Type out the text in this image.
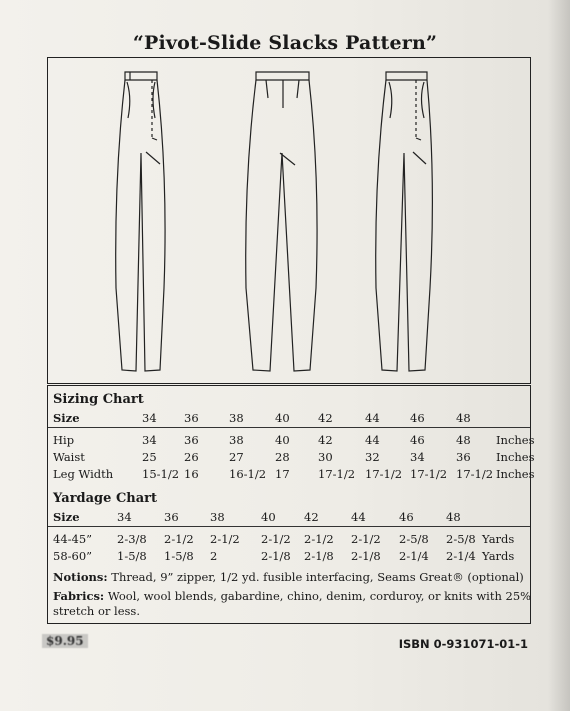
“Pivot-Slide Slacks Pattern”
Sizing Chart
Size	34 36	38	40 42	44	46	48
Hip	34 36	38	40 42	44	46	48 Inches
Waist	25 26	27	28 30	32	34	36 Inches
Leg Width	15-1/2 16	16-1/2 17 17-1/2 17-1/2 17-1/2 17-1/2 Inches
Yardage Chart
Size	34	36	38	40 42	44	46	48
44-45” 2-3/8 2-1/2 2-1/2 2-1/2 2-1/2 2-1/2 2-5/8 2-5/8 Yards
58-60” 1-5/8 1-5/8 2	2-1/8 2-1/8 2-1/8 2-1/4 2-1/4 Yards
Notions: Thread, 9” zipper, 1/2 yd. fusible interfacing, Seams Great® (optional)
Fabrics: Wool, wool blends, gabardine, chino, denim, corduroy, or knits with 25%
stretch or less.
$9.95	ISBN 0-931071-01-1
